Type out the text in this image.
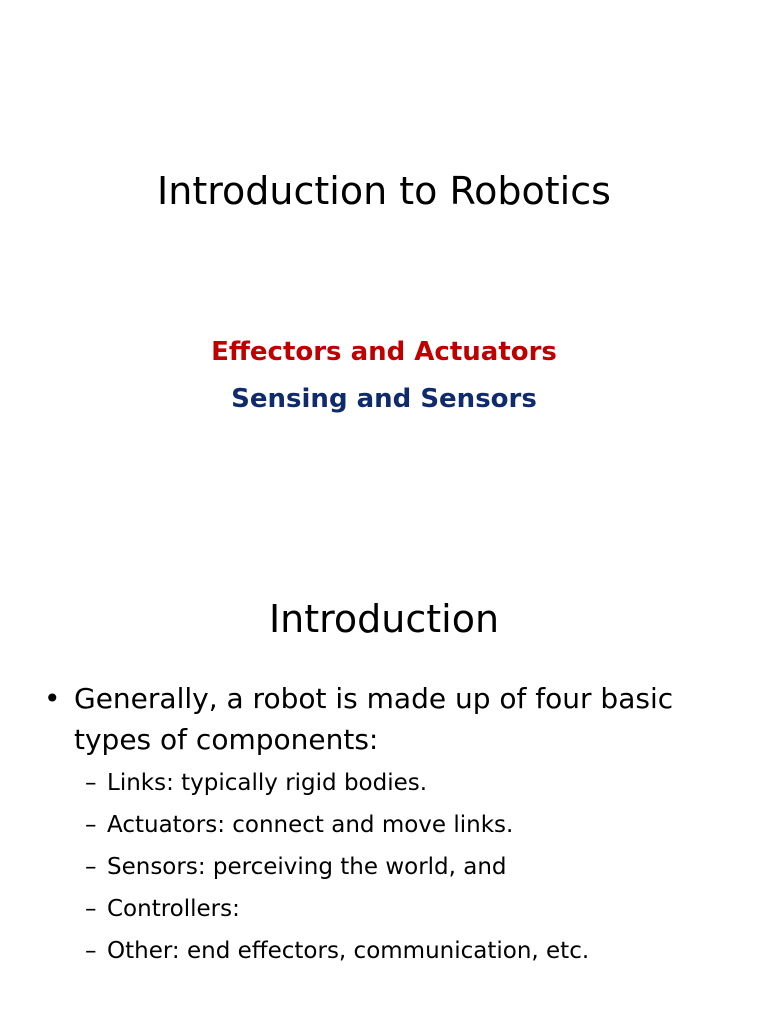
Introduction to Robotics
Effectors and Actuators
Sensing and Sensors
Introduction
• Generally, a robot is made up of four basic types of components:
– Links: typically rigid bodies.
– Actuators: connect and move links.
– Sensors: perceiving the world, and
– Controllers:
– Other: end effectors, communication, etc.
